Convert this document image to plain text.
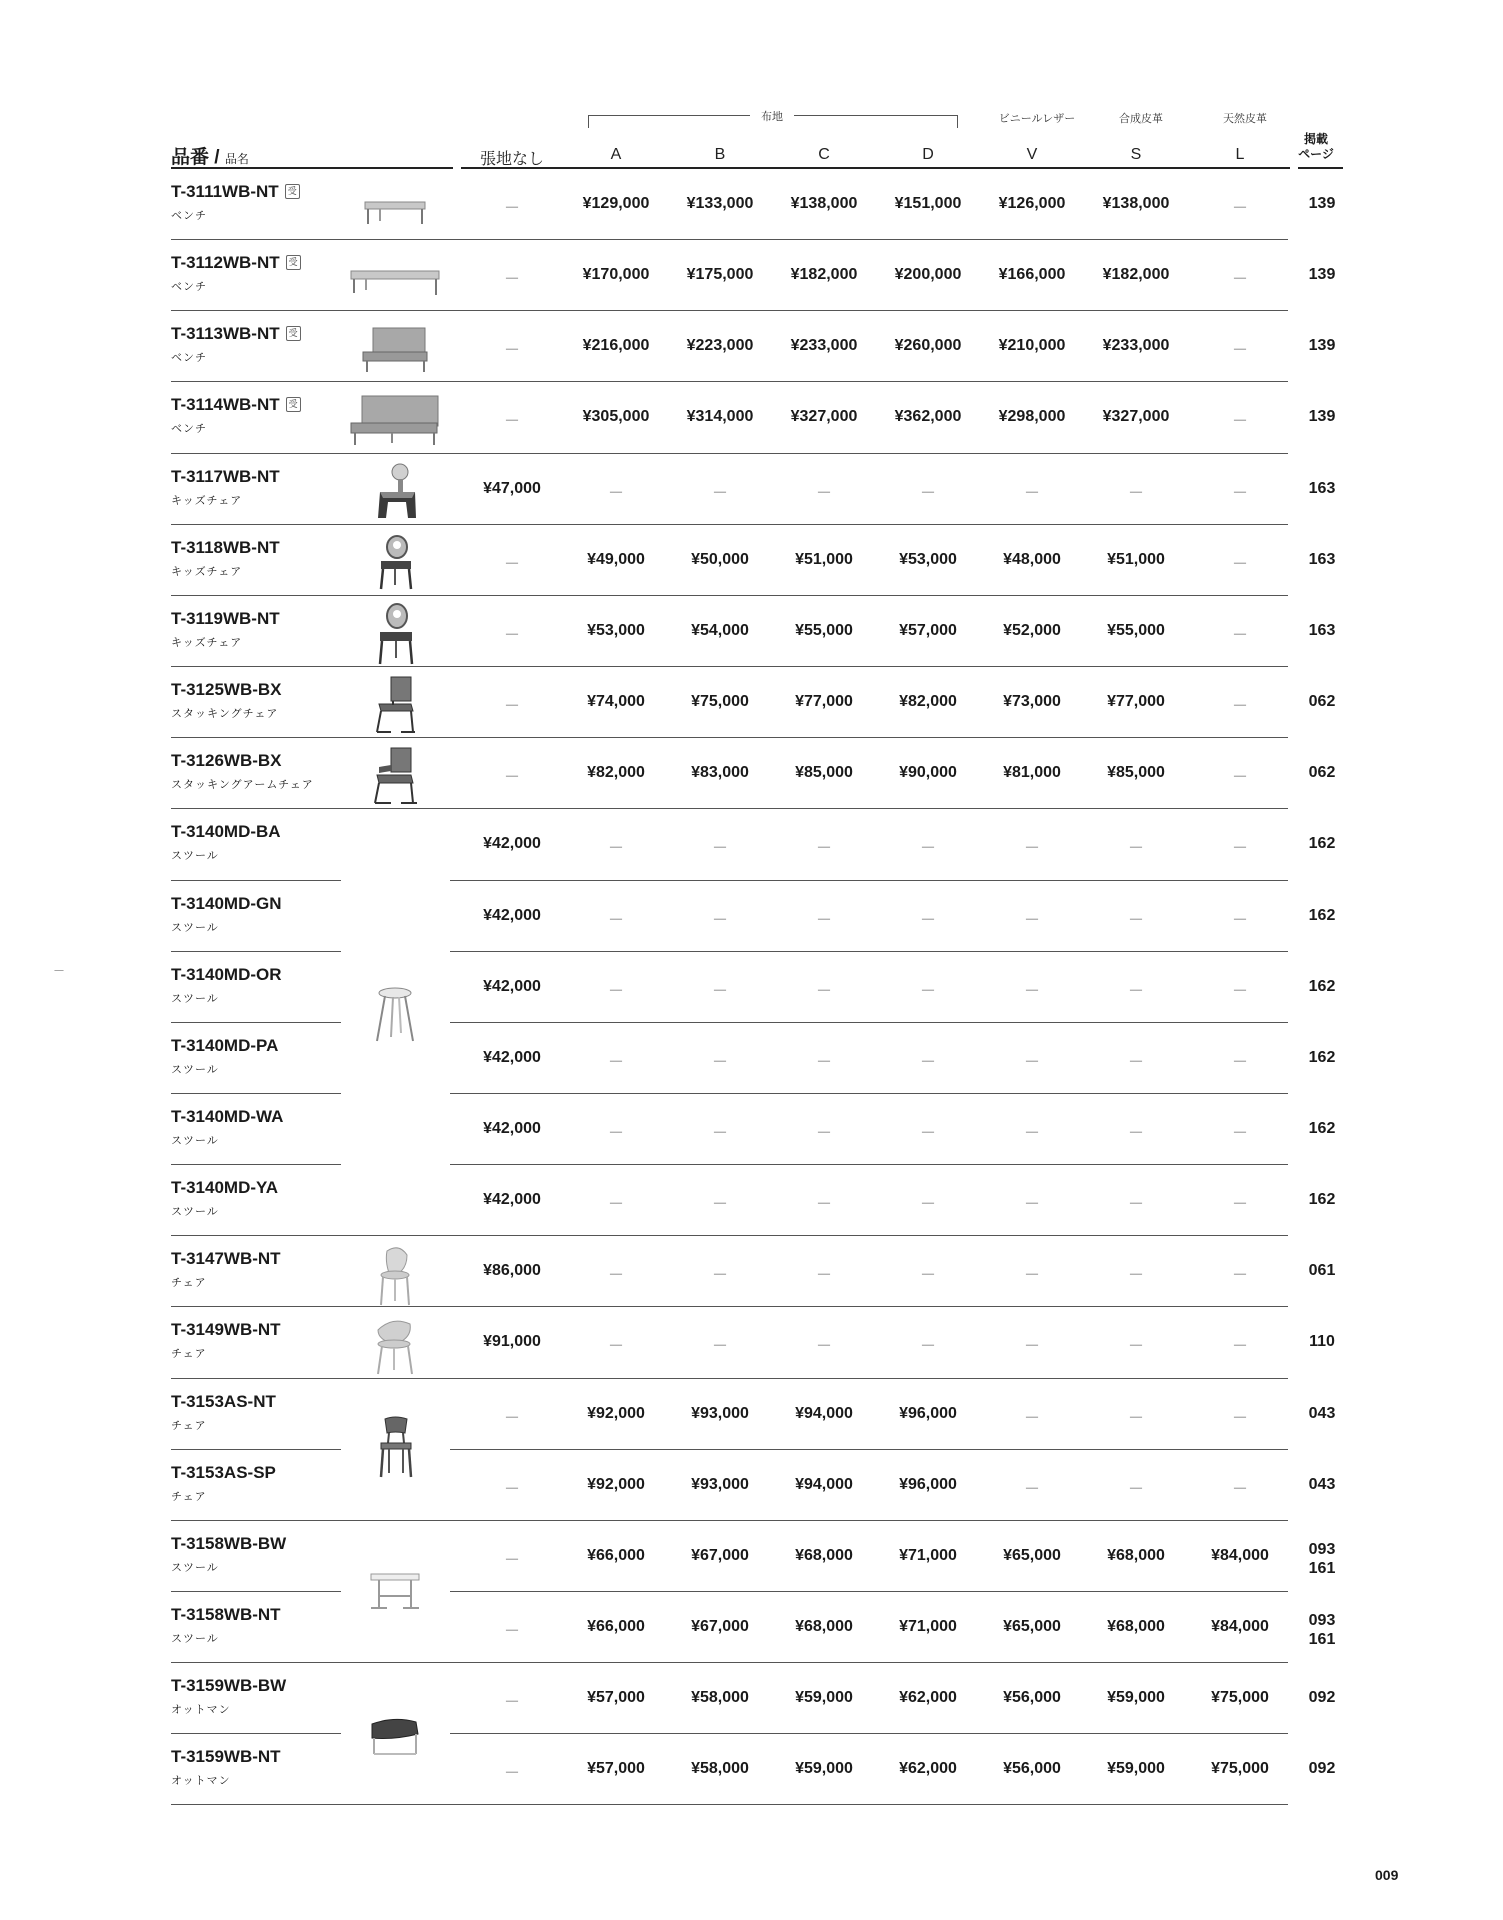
ビニールレザー	合成皮革	天然皮革
布地
品番 / 品名	張地なし	A	B	C	D	V	S	L
掲載
ページ
T-3111WB-NT 受
ベンチ	－	¥129,000	¥133,000	¥138,000	¥151,000	¥126,000	¥138,000	－	139
T-3112WB-NT 受
ベンチ	－	¥170,000	¥175,000	¥182,000	¥200,000	¥166,000	¥182,000	－	139
T-3113WB-NT 受
ベンチ	－	¥216,000	¥223,000	¥233,000	¥260,000	¥210,000	¥233,000	－	139
T-3114WB-NT 受
ベンチ	－	¥305,000	¥314,000	¥327,000	¥362,000	¥298,000	¥327,000	－	139
T-3117WB-NT
キッズチェア
¥47,000	－	－	－	－	－	－	－	163
T-3118WB-NT
キッズチェア	－	¥49,000	¥50,000	¥51,000	¥53,000	¥48,000	¥51,000	－	163
T-3119WB-NT
キッズチェア	－	¥53,000	¥54,000	¥55,000	¥57,000	¥52,000	¥55,000	－	163
T-3125WB-BX
スタッキングチェア	－	¥74,000	¥75,000	¥77,000	¥82,000	¥73,000	¥77,000	－	062
T-3126WB-BX
スタッキングアームチェア	－	¥82,000	¥83,000	¥85,000	¥90,000	¥81,000	¥85,000	－	062
T-3140MD-BA
スツール
¥42,000	－	－	－	－	－	－	－	162
T-3140MD-GN
スツール
¥42,000	－	－	－	－	－	－	－	162
T-3140MD-OR
スツール
¥42,000	－	－	－	－	－	－	－	162
T-3140MD-PA
スツール
¥42,000	－	－	－	－	－	－	－	162
T-3140MD-WA
スツール
¥42,000	－	－	－	－	－	－	－	162
T-3140MD-YA
スツール
¥42,000	－	－	－	－	－	－	－	162
T-3147WB-NT
チェア
¥86,000	－	－	－	－	－	－	－	061
T-3149WB-NT
チェア
¥91,000	－	－	－	－	－	－	－	110
T-3153AS-NT
チェア	－	¥92,000	¥93,000	¥94,000	¥96,000	－	－	－	043
T-3153AS-SP
チェア	－	¥92,000	¥93,000	¥94,000	¥96,000	－	－	－	043
T-3158WB-BW
スツール	－	¥66,000	¥67,000	¥68,000	¥71,000	¥65,000	¥68,000	¥84,000	093
161
T-3158WB-NT
スツール	－	¥66,000	¥67,000	¥68,000	¥71,000	¥65,000	¥68,000	¥84,000	093
161
T-3159WB-BW
オットマン	－	¥57,000	¥58,000	¥59,000	¥62,000	¥56,000	¥59,000	¥75,000	092
T-3159WB-NT
オットマン	－	¥57,000	¥58,000	¥59,000	¥62,000	¥56,000	¥59,000	¥75,000	092
－
009
